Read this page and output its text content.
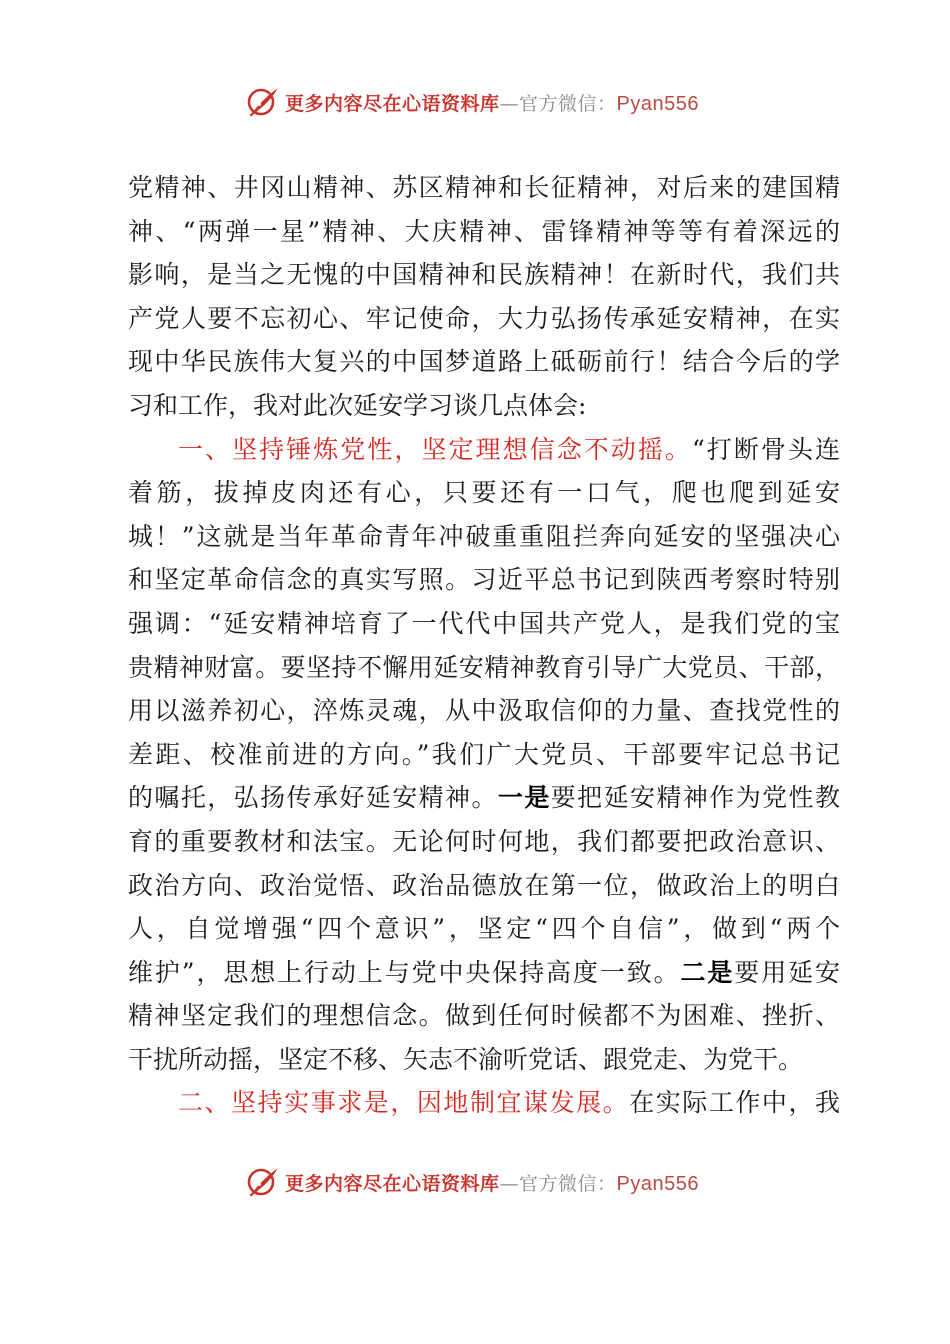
更多内容尽在心语资料库—官方微信：Pyan556
党精神、井冈山精神、苏区精神和长征精神，对后来的建国精
神、“两弹一星”精神、大庆精神、雷锋精神等等有着深远的
影响，是当之无愧的中国精神和民族精神！在新时代，我们共
产党人要不忘初心、牢记使命，大力弘扬传承延安精神，在实
现中华民族伟大复兴的中国梦道路上砥砺前行！结合今后的学
习和工作，我对此次延安学习谈几点体会:
一、坚持锤炼党性，坚定理想信念不动摇。“打断骨头连
着筋，拔掉皮肉还有心，只要还有一口气，爬也爬到延安
城！”这就是当年革命青年冲破重重阻拦奔向延安的坚强决心
和坚定革命信念的真实写照。习近平总书记到陕西考察时特别
强调：“延安精神培育了一代代中国共产党人，是我们党的宝
贵精神财富。要坚持不懈用延安精神教育引导广大党员、干部，
用以滋养初心，淬炼灵魂，从中汲取信仰的力量、查找党性的
差距、校准前进的方向。”我们广大党员、干部要牢记总书记
的嘱托，弘扬传承好延安精神。一是要把延安精神作为党性教
育的重要教材和法宝。无论何时何地，我们都要把政治意识、
政治方向、政治觉悟、政治品德放在第一位，做政治上的明白
人，自觉增强“四个意识”，坚定“四个自信”，做到“两个
维护”，思想上行动上与党中央保持高度一致。二是要用延安
精神坚定我们的理想信念。做到任何时候都不为困难、挫折、
干扰所动摇，坚定不移、矢志不渝听党话、跟党走、为党干。
二、坚持实事求是，因地制宜谋发展。在实际工作中，我
更多内容尽在心语资料库—官方微信：Pyan556
